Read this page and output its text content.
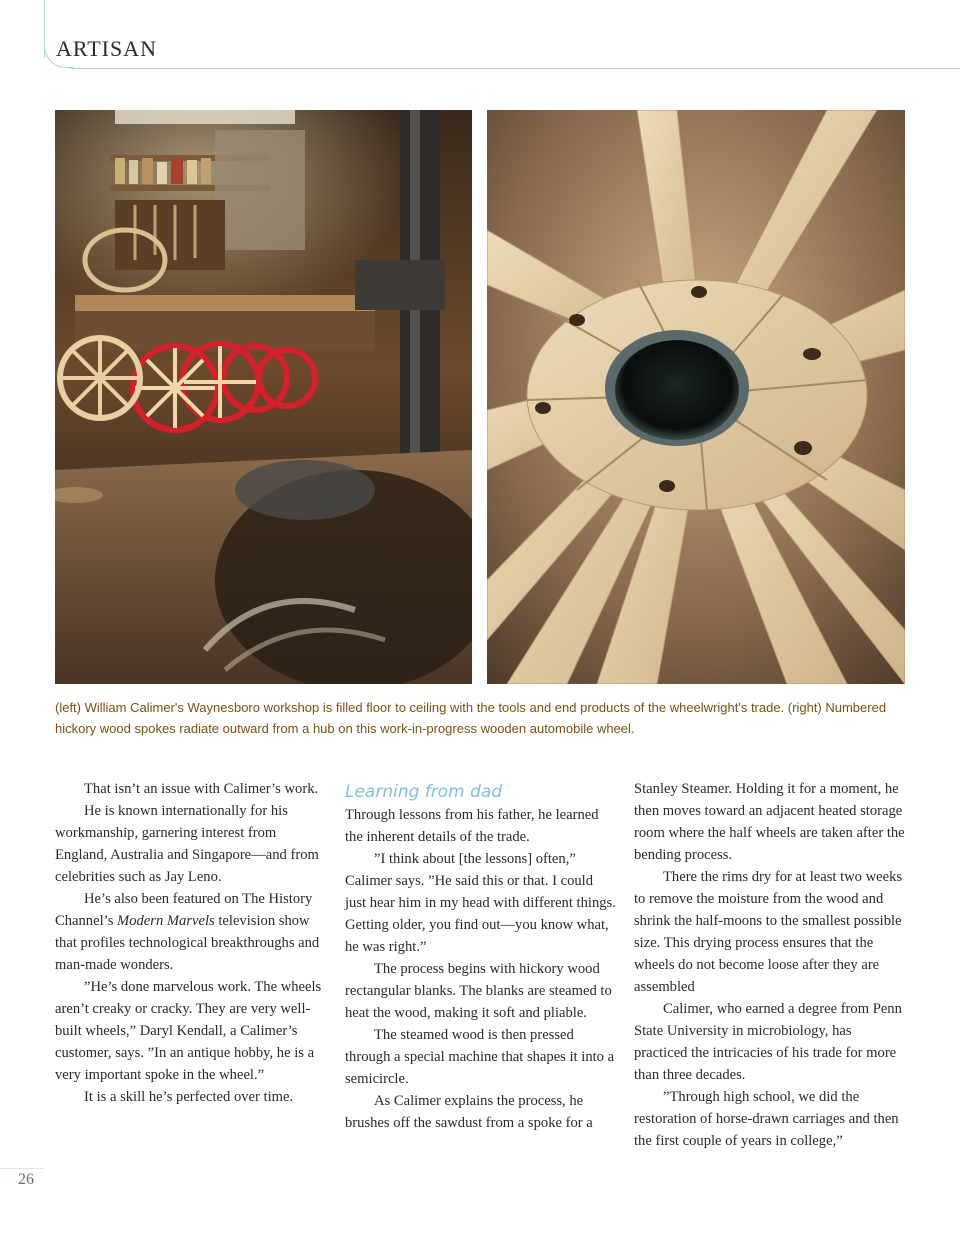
ARTISAN
(left) William Calimer's Waynesboro workshop is filled floor to ceiling with the tools and end products of the wheelwright's trade. (right) Numbered hickory wood spokes radiate outward from a hub on this work-in-progress wooden automobile wheel.

That isn’t an issue with Calimer’s work.

He is known internationally for his workmanship, garnering interest from England, Australia and Singapore—and from celebrities such as Jay Leno.

He’s also been featured on The History Channel’s Modern Marvels television show that profiles technological breakthroughs and man-made wonders.

”He’s done marvelous work. The wheels aren’t creaky or cracky. They are very well-built wheels,” Daryl Kendall, a Calimer’s customer, says. ”In an antique hobby, he is a very important spoke in the wheel.”

It is a skill he’s perfected over time.

Learning from dad

Through lessons from his father, he learned the inherent details of the trade.

”I think about [the lessons] often,” Calimer says. ”He said this or that. I could just hear him in my head with different things. Getting older, you find out—you know what, he was right.”

The process begins with hickory wood rectangular blanks. The blanks are steamed to heat the wood, making it soft and pliable.

The steamed wood is then pressed through a special machine that shapes it into a semicircle.

As Calimer explains the process, he brushes off the sawdust from a spoke for a

Stanley Steamer. Holding it for a moment, he then moves toward an adjacent heated storage room where the half wheels are taken after the bending process.

There the rims dry for at least two weeks to remove the moisture from the wood and shrink the half-moons to the smallest possible size. This drying process ensures that the wheels do not become loose after they are assembled

Calimer, who earned a degree from Penn State University in microbiology, has practiced the intricacies of his trade for more than three decades.

”Through high school, we did the restoration of horse-drawn carriages and then the first couple of years in college,”

26
